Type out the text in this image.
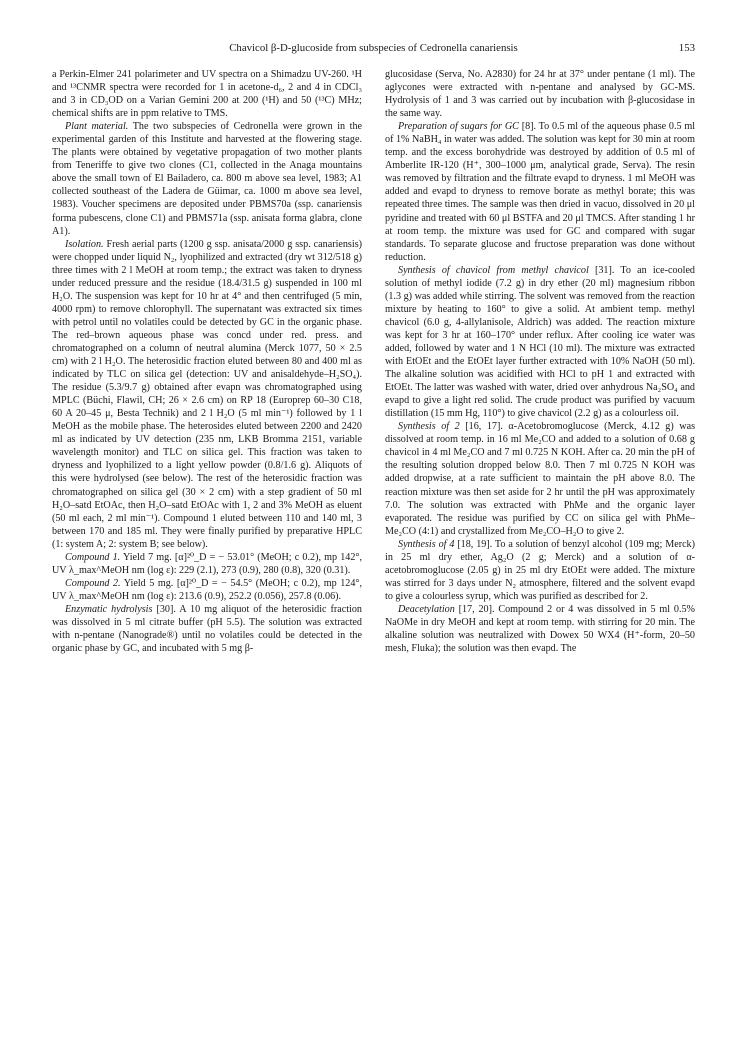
Chavicol β-D-glucoside from subspecies of Cedronella canariensis	153

a Perkin-Elmer 241 polarimeter and UV spectra on a Shimadzu UV-260. ¹H and ¹³CNMR spectra were recorded for 1 in acetone-d₆, 2 and 4 in CDCl₃ and 3 in CD₃OD on a Varian Gemini 200 at 200 (¹H) and 50 (¹³C) MHz; chemical shifts are in ppm relative to TMS.

Plant material. The two subspecies of Cedronella were grown in the experimental garden of this Institute and harvested at the flowering stage. The plants were obtained by vegetative propagation of two mother plants from Teneriffe to give two clones (C1, collected in the Anaga mountains above the small town of El Bailadero, ca. 800 m above sea level, 1983; A1 collected southeast of the Ladera de Güimar, ca. 1000 m above sea level, 1983). Voucher specimens are deposited under PBMS70a (ssp. canariensis forma pubescens, clone C1) and PBMS71a (ssp. anisata forma glabra, clone A1).

Isolation. Fresh aerial parts (1200 g ssp. anisata/2000 g ssp. canariensis) were chopped under liquid N₂, lyophilized and extracted (dry wt 312/518 g) three times with 2 l MeOH at room temp.; the extract was taken to dryness under reduced pressure and the residue (18.4/31.5 g) suspended in 100 ml H₂O. The suspension was kept for 10 hr at 4° and then centrifuged (5 min, 4000 rpm) to remove chlorophyll. The supernatant was extracted six times with petrol until no volatiles could be detected by GC in the organic phase. The red–brown aqueous phase was concd under red. press. and chromatographed on a column of neutral alumina (Merck 1077, 50 × 2.5 cm) with 2 l H₂O. The heterosidic fraction eluted between 80 and 400 ml as indicated by TLC on silica gel (detection: UV and anisaldehyde–H₂SO₄). The residue (5.3/9.7 g) obtained after evapn was chromatographed using MPLC (Büchi, Flawil, CH; 26 × 2.6 cm) on RP 18 (Europrep 60–30 C18, 60 A 20–45 μ, Besta Technik) and 2 l H₂O (5 ml min⁻¹) followed by 1 l MeOH as the mobile phase. The heterosides eluted between 2200 and 2420 ml as indicated by UV detection (235 nm, LKB Bromma 2151, variable wavelength monitor) and TLC on silica gel. This fraction was taken to dryness and lyophilized to a light yellow powder (0.8/1.6 g). Aliquots of this were hydrolysed (see below). The rest of the heterosidic fraction was chromatographed on silica gel (30 × 2 cm) with a step gradient of 50 ml H₂O–satd EtOAc, then H₂O–satd EtOAc with 1, 2 and 3% MeOH as eluent (50 ml each, 2 ml min⁻¹). Compound 1 eluted between 110 and 140 ml, 3 between 170 and 185 ml. They were finally purified by preparative HPLC (1: system A; 2: system B; see below).

Compound 1. Yield 7 mg. [α]²⁰_D = − 53.01° (MeOH; c 0.2), mp 142°, UV λ_max^MeOH nm (log ε): 229 (2.1), 273 (0.9), 280 (0.8), 320 (0.31).

Compound 2. Yield 5 mg. [α]²⁰_D = − 54.5° (MeOH; c 0.2), mp 124°, UV λ_max^MeOH nm (log ε): 213.6 (0.9), 252.2 (0.056), 257.8 (0.06).

Enzymatic hydrolysis [30]. A 10 mg aliquot of the heterosidic fraction was dissolved in 5 ml citrate buffer (pH 5.5). The solution was extracted with n-pentane (Nanograde®) until no volatiles could be detected in the organic phase by GC, and incubated with 5 mg β-

glucosidase (Serva, No. A2830) for 24 hr at 37° under pentane (1 ml). The aglycones were extracted with n-pentane and analysed by GC-MS. Hydrolysis of 1 and 3 was carried out by incubation with β-glucosidase in the same way.

Preparation of sugars for GC [8]. To 0.5 ml of the aqueous phase 0.5 ml of 1% NaBH₄ in water was added. The solution was kept for 30 min at room temp. and the excess borohydride was destroyed by addition of 0.5 ml of Amberlite IR-120 (H⁺, 300–1000 μm, analytical grade, Serva). The resin was removed by filtration and the filtrate evapd to dryness. 1 ml MeOH was added and evapd to dryness to remove borate as methyl borate; this was repeated three times. The sample was then dried in vacuo, dissolved in 20 μl pyridine and treated with 60 μl BSTFA and 20 μl TMCS. After standing 1 hr at room temp. the mixture was used for GC and compared with sugar standards. To separate glucose and fructose preparation was done without reduction.

Synthesis of chavicol from methyl chavicol [31]. To an ice-cooled solution of methyl iodide (7.2 g) in dry ether (20 ml) magnesium ribbon (1.3 g) was added while stirring. The solvent was removed from the reaction mixture by heating to 160° to give a solid. At ambient temp. methyl chavicol (6.0 g, 4-allylanisole, Aldrich) was added. The reaction mixture was kept for 3 hr at 160–170° under reflux. After cooling ice water was added, followed by water and 1 N HCl (10 ml). The mixture was extracted with EtOEt and the EtOEt layer further extracted with 10% NaOH (50 ml). The alkaline solution was acidified with HCl to pH 1 and extracted with EtOEt. The latter was washed with water, dried over anhydrous Na₂SO₄ and evapd to give a light red solid. The crude product was purified by vacuum distillation (15 mm Hg, 110°) to give chavicol (2.2 g) as a colourless oil.

Synthesis of 2 [16, 17]. α-Acetobromoglucose (Merck, 4.12 g) was dissolved at room temp. in 16 ml Me₂CO and added to a solution of 0.68 g chavicol in 4 ml Me₂CO and 7 ml 0.725 N KOH. After ca. 20 min the pH of the resulting solution dropped below 8.0. Then 7 ml 0.725 N KOH was added dropwise, at a rate sufficient to maintain the pH above 8.0. The reaction mixture was then set aside for 2 hr until the pH was approximately 7.0. The solution was extracted with PhMe and the organic layer evaporated. The residue was purified by CC on silica gel with PhMe–Me₂CO (4:1) and crystallized from Me₂CO–H₂O to give 2.

Synthesis of 4 [18, 19]. To a solution of benzyl alcohol (109 mg; Merck) in 25 ml dry ether, Ag₂O (2 g; Merck) and a solution of α-acetobromoglucose (2.05 g) in 25 ml dry EtOEt were added. The mixture was stirred for 3 days under N₂ atmosphere, filtered and the solvent evapd to give a colourless syrup, which was purified as described for 2.

Deacetylation [17, 20]. Compound 2 or 4 was dissolved in 5 ml 0.5% NaOMe in dry MeOH and kept at room temp. with stirring for 20 min. The alkaline solution was neutralized with Dowex 50 WX4 (H⁺-form, 20–50 mesh, Fluka); the solution was then evapd. The
